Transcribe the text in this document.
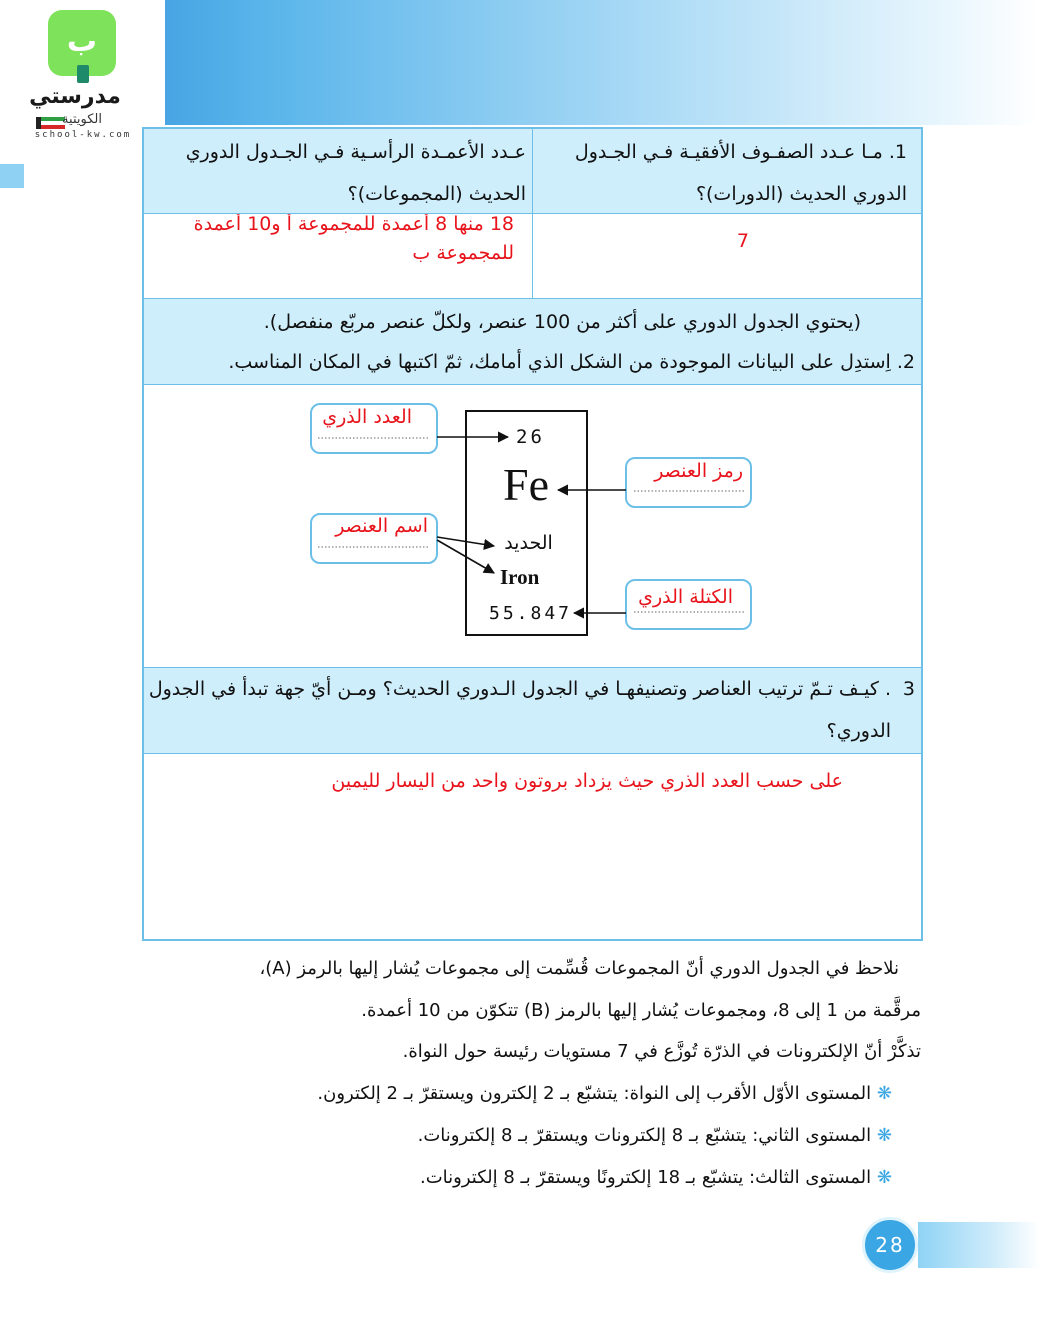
ب
مدرستي
الكويتية
school-kw.com

1. مـا عـدد الصفـوف الأفقيـة فـي الجـدول الدوري الحديث (الدورات)؟

عـدد الأعمـدة الرأسـية فـي الجـدول الدوري الحديث (المجموعات)؟

7

18 منها 8 أعمدة للمجموعة أ و10 أعمدة للمجموعة ب

(يحتوي الجدول الدوري على أكثر من 100 عنصر، ولكلّ عنصر مربّع منفصل).

2. اِستدِل على البيانات الموجودة من الشكل الذي أمامك، ثمّ اكتبها في المكان المناسب.

. كيـف تـمّ ترتيب العناصر وتصنيفهـا في الجدول الـدوري الحديث؟ ومـن أيّ جهة تبدأ في الجدول الدوري؟

3

على حسب العدد الذري حيث يزداد بروتون واحد من اليسار لليمين

26
Fe
الحديد
Iron
55.847
العدد الذري
رمز العنصر
اسم العنصر
الكتلة الذري

نلاحظ في الجدول الدوري أنّ المجموعات قُسِّمت إلى مجموعات يُشار إليها بالرمز (A)،

مرقَّمة من 1 إلى 8، ومجموعات يُشار إليها بالرمز (B) تتكوّن من 10 أعمدة.

تذكَّرْ أنّ الإلكترونات في الذرّة تُوزَّع في 7 مستويات رئيسة حول النواة.

❋ المستوى الأوّل الأقرب إلى النواة: يتشبّع بـ 2 إلكترون ويستقرّ بـ 2 إلكترون.

❋ المستوى الثاني: يتشبّع بـ 8 إلكترونات ويستقرّ بـ 8 إلكترونات.

❋ المستوى الثالث: يتشبّع بـ 18 إلكترونًا ويستقرّ بـ 8 إلكترونات.

28
